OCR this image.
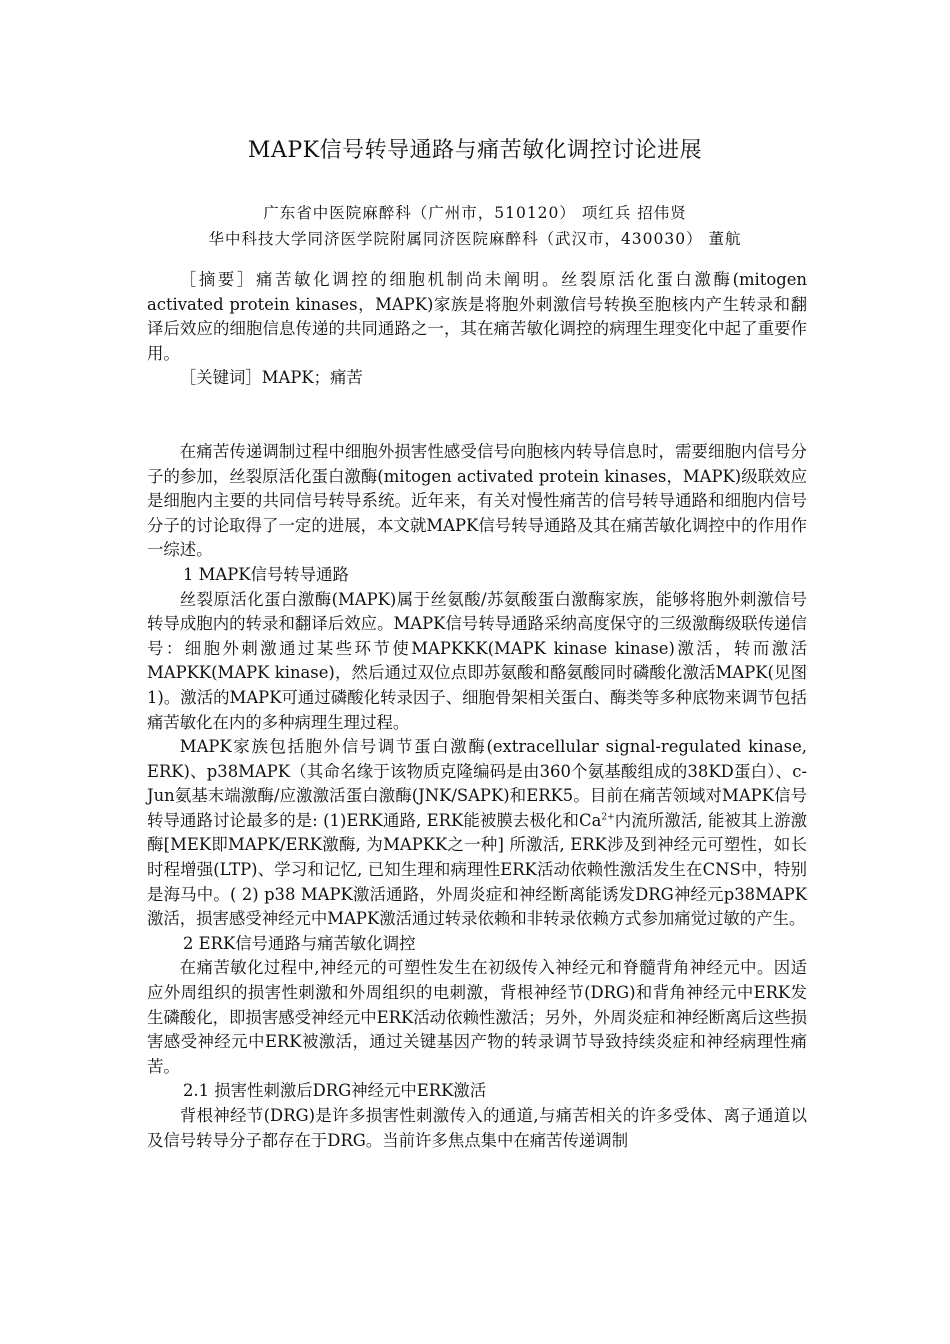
MAPK信号转导通路与痛苦敏化调控讨论进展
广东省中医院麻醉科（广州市，510120） 项红兵 招伟贤
华中科技大学同济医学院附属同济医院麻醉科（武汉市，430030） 董航

［摘要］痛苦敏化调控的细胞机制尚未阐明。丝裂原活化蛋白激酶(mitogen activated protein kinases，MAPK)家族是将胞外刺激信号转换至胞核内产生转录和翻译后效应的细胞信息传递的共同通路之一，其在痛苦敏化调控的病理生理变化中起了重要作用。

［关键词］MAPK；痛苦

在痛苦传递调制过程中细胞外损害性感受信号向胞核内转导信息时，需要细胞内信号分子的参加，丝裂原活化蛋白激酶(mitogen activated protein kinases，MAPK)级联效应是细胞内主要的共同信号转导系统。近年来，有关对慢性痛苦的信号转导通路和细胞内信号分子的讨论取得了一定的进展，本文就MAPK信号转导通路及其在痛苦敏化调控中的作用作一综述。

1 MAPK信号转导通路

丝裂原活化蛋白激酶(MAPK)属于丝氨酸/苏氨酸蛋白激酶家族，能够将胞外刺激信号转导成胞内的转录和翻译后效应。MAPK信号转导通路采纳高度保守的三级激酶级联传递信号：细胞外刺激通过某些环节使MAPKKK(MAPK kinase kinase)激活，转而激活MAPKK(MAPK kinase)，然后通过双位点即苏氨酸和酪氨酸同时磷酸化激活MAPK(见图1)。激活的MAPK可通过磷酸化转录因子、细胞骨架相关蛋白、酶类等多种底物来调节包括痛苦敏化在内的多种病理生理过程。

MAPK家族包括胞外信号调节蛋白激酶(extracellular signal-regulated kinase, ERK)、p38MAPK（其命名缘于该物质克隆编码是由360个氨基酸组成的38KD蛋白）、c-Jun氨基末端激酶/应激激活蛋白激酶(JNK/SAPK)和ERK5。目前在痛苦领域对MAPK信号转导通路讨论最多的是: (1)ERK通路, ERK能被膜去极化和$Ca^{2+}$内流所激活, 能被其上游激酶[MEK即MAPK/ERK激酶, 为MAPKK之一种] 所激活, ERK涉及到神经元可塑性，如长时程增强(LTP)、学习和记忆, 已知生理和病理性ERK活动依赖性激活发生在CNS中，特别是海马中。( 2) p38 MAPK激活通路，外周炎症和神经断离能诱发DRG神经元p38MAPK激活，损害感受神经元中MAPK激活通过转录依赖和非转录依赖方式参加痛觉过敏的产生。

2 ERK信号通路与痛苦敏化调控

在痛苦敏化过程中,神经元的可塑性发生在初级传入神经元和脊髓背角神经元中。因适应外周组织的损害性刺激和外周组织的电刺激，背根神经节(DRG)和背角神经元中ERK发生磷酸化，即损害感受神经元中ERK活动依赖性激活；另外，外周炎症和神经断离后这些损害感受神经元中ERK被激活，通过关键基因产物的转录调节导致持续炎症和神经病理性痛苦。

2.1 损害性刺激后DRG神经元中ERK激活

背根神经节(DRG)是许多损害性刺激传入的通道,与痛苦相关的许多受体、离子通道以及信号转导分子都存在于DRG。当前许多焦点集中在痛苦传递调制
